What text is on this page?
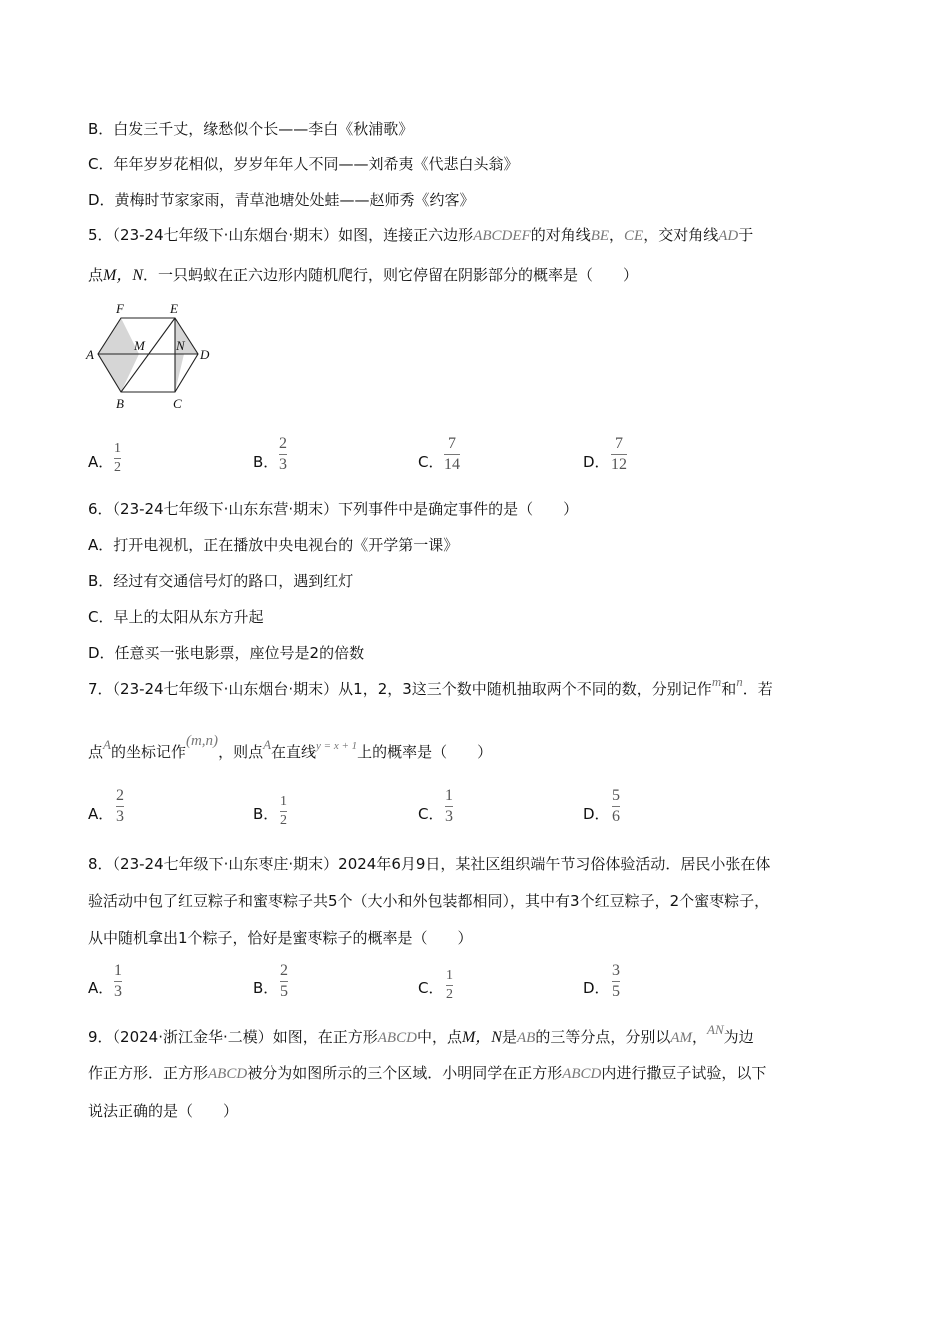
B．白发三千丈，缘愁似个长——李白《秋浦歌》
C．年年岁岁花相似，岁岁年年人不同——刘希夷《代悲白头翁》
D．黄梅时节家家雨，青草池塘处处蛙——赵师秀《约客》
5．（23-24七年级下·山东烟台·期末）如图，连接正六边形ABCDEF的对角线BE，CE，交对角线AD于
点M，N．一只蚂蚁在正六边形内随机爬行，则它停留在阴影部分的概率是（　　）
F	E
A
M N
D
B	C
A．
1
2	B．
2
3	C．
7
14	D．
7
12
6．（23-24七年级下·山东东营·期末）下列事件中是确定事件的是（　　）
A．打开电视机，正在播放中央电视台的《开学第一课》
B．经过有交通信号灯的路口，遇到红灯
C．早上的太阳从东方升起
D．任意买一张电影票，座位号是2的倍数
7．（23-24七年级下·山东烟台·期末）从1，2，3这三个数中随机抽取两个不同的数，分别记作m和n．若
点A的坐标记作(m,n)，则点A在直线$^{y = x + 1}$上的概率是（　　）
A．
2
3	B．
1
2	C．
1
3	D．
5
6
8．（23-24七年级下·山东枣庄·期末）2024年6月9日，某社区组织端午节习俗体验活动．居民小张在体
验活动中包了红豆粽子和蜜枣粽子共5个（大小和外包装都相同），其中有3个红豆粽子，2个蜜枣粽子，
从中随机拿出1个粽子，恰好是蜜枣粽子的概率是（　　）
A．
1
3	B．
2
5	C．
1
2	D．
3
5
9．（2024·浙江金华·二模）如图，在正方形ABCD中，点M，N是AB的三等分点，分别以AM，AN为边
作正方形．正方形ABCD被分为如图所示的三个区域．小明同学在正方形ABCD内进行撒豆子试验，以下
说法正确的是（　　）
